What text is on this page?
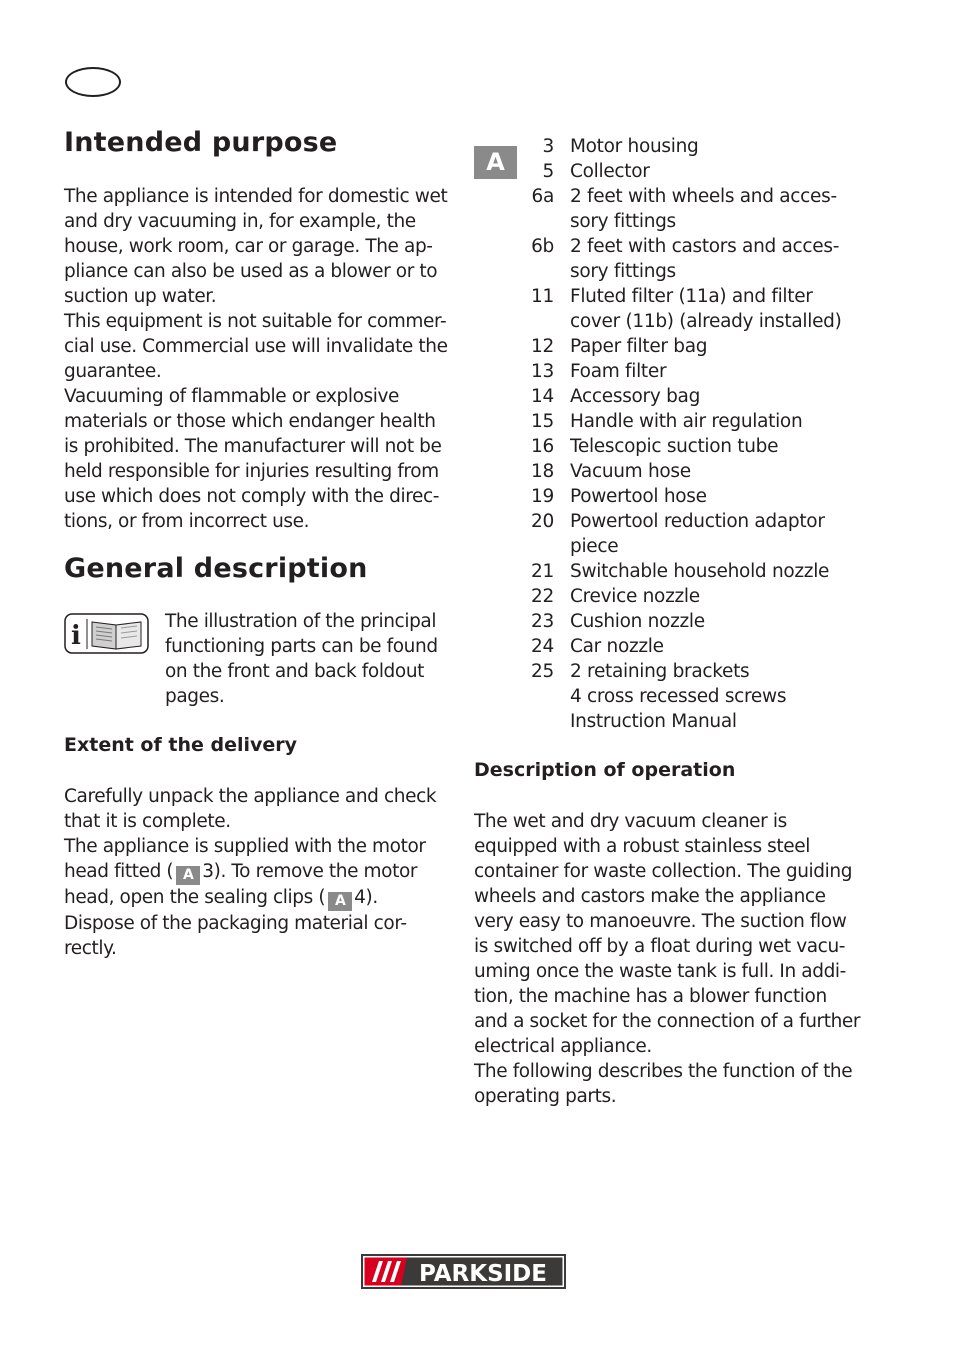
Intended purpose
The appliance is intended for domestic wet
and dry vacuuming in, for example, the
house, work room, car or garage. The ap-
pliance can also be used as a blower or to
suction up water.
This equipment is not suitable for commer-
cial use. Commercial use will invalidate the
guarantee.
Vacuuming of flammable or explosive
materials or those which endanger health
is prohibited. The manufacturer will not be
held responsible for injuries resulting from
use which does not comply with the direc-
tions, or from incorrect use.
General description
i	The illustration of the principal
functioning parts can be found
on the front and back foldout
pages.
Extent of the delivery
Carefully unpack the appliance and check
that it is complete.
The appliance is supplied with the motor
head fitted ( A 3). To remove the motor
head, open the sealing clips ( A 4).
Dispose of the packaging material cor-
rectly.
A
3 Motor housing
5 Collector
6a 2 feet with wheels and acces-
sory fittings
6b 2 feet with castors and acces-
sory fittings
11 Fluted filter (11a) and filter
cover (11b) (already installed)
12 Paper filter bag
13 Foam filter
14 Accessory bag
15 Handle with air regulation
16 Telescopic suction tube
18 Vacuum hose
19 Powertool hose
20 Powertool reduction adaptor
piece
21 Switchable household nozzle
22 Crevice nozzle
23 Cushion nozzle
24 Car nozzle
25 2 retaining brackets
4 cross recessed screws
Instruction Manual
Description of operation
The wet and dry vacuum cleaner is
equipped with a robust stainless steel
container for waste collection. The guiding
wheels and castors make the appliance
very easy to manoeuvre. The suction flow
is switched off by a float during wet vacu-
uming once the waste tank is full. In addi-
tion, the machine has a blower function
and a socket for the connection of a further
electrical appliance.
The following describes the function of the
operating parts.
PARKSIDE
